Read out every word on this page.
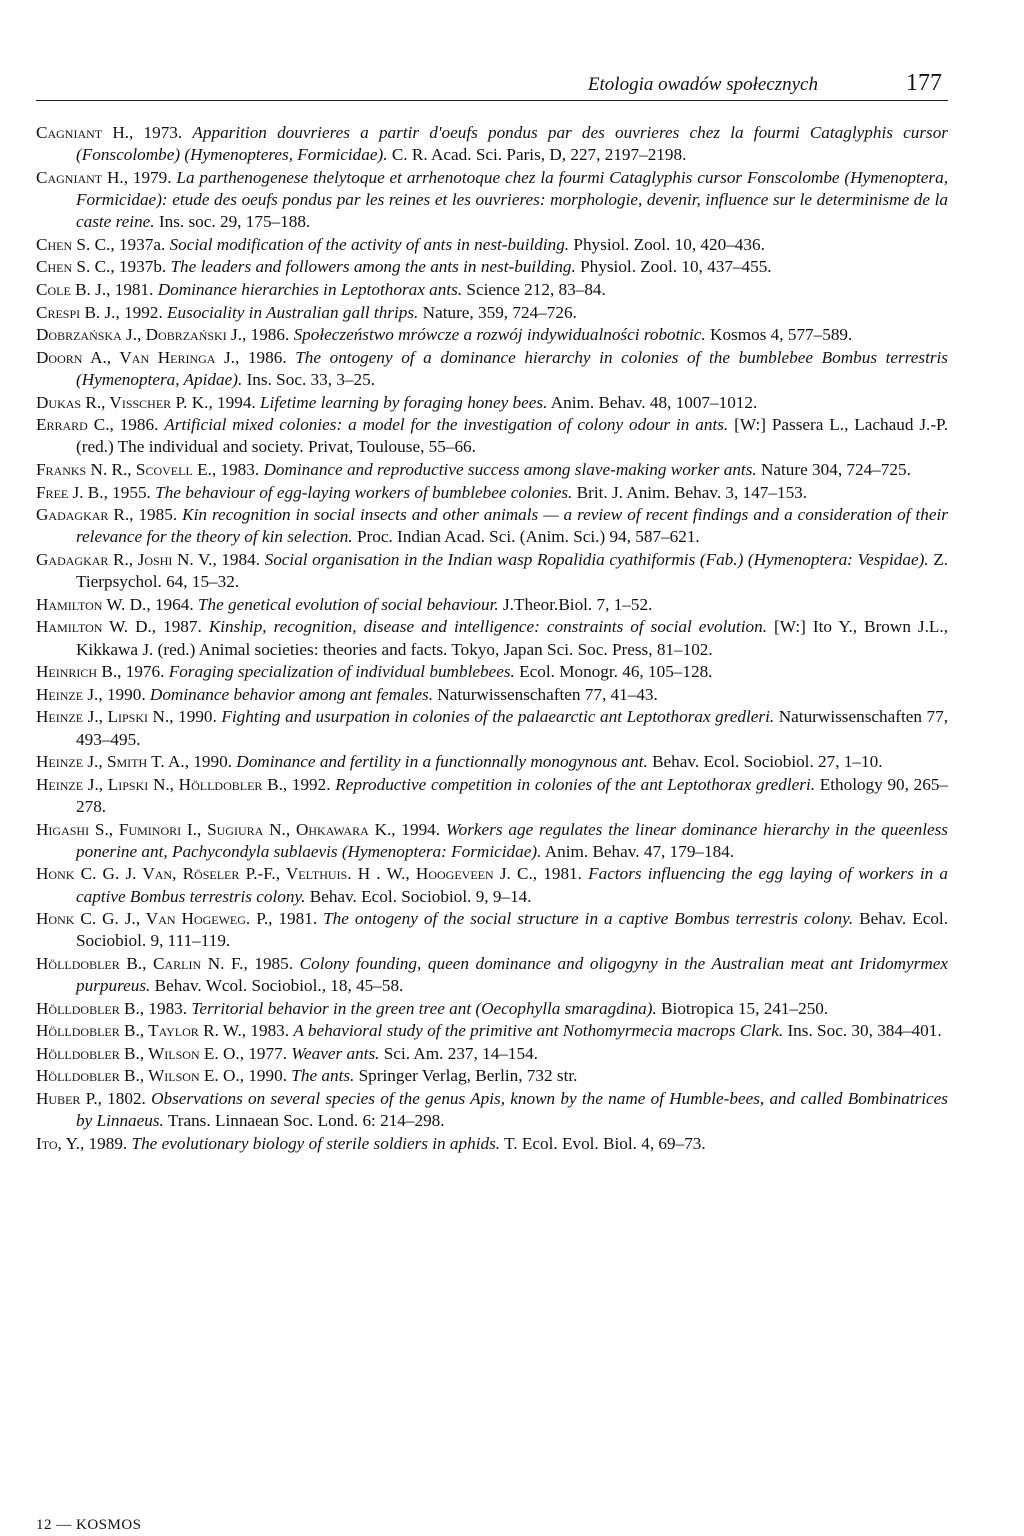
Etologia owadów społecznych	177

Cagniant H., 1973. Apparition douvrieres a partir d'oeufs pondus par des ouvrieres chez la fourmi Cataglyphis cursor (Fonscolombe) (Hymenopteres, Formicidae). C. R. Acad. Sci. Paris, D, 227, 2197–2198.

Cagniant H., 1979. La parthenogenese thelytoque et arrhenotoque chez la fourmi Cataglyphis cursor Fonscolombe (Hymenoptera, Formicidae): etude des oeufs pondus par les reines et les ouvrieres: morphologie, devenir, influence sur le determinisme de la caste reine. Ins. soc. 29, 175–188.

Chen S. C., 1937a. Social modification of the activity of ants in nest-building. Physiol. Zool. 10, 420–436.

Chen S. C., 1937b. The leaders and followers among the ants in nest-building. Physiol. Zool. 10, 437–455.

Cole B. J., 1981. Dominance hierarchies in Leptothorax ants. Science 212, 83–84.

Crespi B. J., 1992. Eusociality in Australian gall thrips. Nature, 359, 724–726.

Dobrzańska J., Dobrzański J., 1986. Społeczeństwo mrówcze a rozwój indywidualności robotnic. Kosmos 4, 577–589.

Doorn A., Van Heringa J., 1986. The ontogeny of a dominance hierarchy in colonies of the bumblebee Bombus terrestris (Hymenoptera, Apidae). Ins. Soc. 33, 3–25.

Dukas R., Visscher P. K., 1994. Lifetime learning by foraging honey bees. Anim. Behav. 48, 1007–1012.

Errard C., 1986. Artificial mixed colonies: a model for the investigation of colony odour in ants. [W:] Passera L., Lachaud J.-P. (red.) The individual and society. Privat, Toulouse, 55–66.

Franks N. R., Scovell E., 1983. Dominance and reproductive success among slave-making worker ants. Nature 304, 724–725.

Free J. B., 1955. The behaviour of egg-laying workers of bumblebee colonies. Brit. J. Anim. Behav. 3, 147–153.

Gadagkar R., 1985. Kin recognition in social insects and other animals — a review of recent findings and a consideration of their relevance for the theory of kin selection. Proc. Indian Acad. Sci. (Anim. Sci.) 94, 587–621.

Gadagkar R., Joshi N. V., 1984. Social organisation in the Indian wasp Ropalidia cyathiformis (Fab.) (Hymenoptera: Vespidae). Z. Tierpsychol. 64, 15–32.

Hamilton W. D., 1964. The genetical evolution of social behaviour. J.Theor.Biol. 7, 1–52.

Hamilton W. D., 1987. Kinship, recognition, disease and intelligence: constraints of social evolution. [W:] Ito Y., Brown J.L., Kikkawa J. (red.) Animal societies: theories and facts. Tokyo, Japan Sci. Soc. Press, 81–102.

Heinrich B., 1976. Foraging specialization of individual bumblebees. Ecol. Monogr. 46, 105–128.

Heinze J., 1990. Dominance behavior among ant females. Naturwissenschaften 77, 41–43.

Heinze J., Lipski N., 1990. Fighting and usurpation in colonies of the palaearctic ant Leptothorax gredleri. Naturwissenschaften 77, 493–495.

Heinze J., Smith T. A., 1990. Dominance and fertility in a functionnally monogynous ant. Behav. Ecol. Sociobiol. 27, 1–10.

Heinze J., Lipski N., Hölldobler B., 1992. Reproductive competition in colonies of the ant Leptothorax gredleri. Ethology 90, 265–278.

Higashi S., Fuminori I., Sugiura N., Ohkawara K., 1994. Workers age regulates the linear dominance hierarchy in the queenless ponerine ant, Pachycondyla sublaevis (Hymenoptera: Formicidae). Anim. Behav. 47, 179–184.

Honk C. G. J. Van, Röseler P.-F., Velthuis. H . W., Hoogeveen J. C., 1981. Factors influencing the egg laying of workers in a captive Bombus terrestris colony. Behav. Ecol. Sociobiol. 9, 9–14.

Honk C. G. J., Van Hogeweg. P., 1981. The ontogeny of the social structure in a captive Bombus terrestris colony. Behav. Ecol. Sociobiol. 9, 111–119.

Hölldobler B., Carlin N. F., 1985. Colony founding, queen dominance and oligogyny in the Australian meat ant Iridomyrmex purpureus. Behav. Wcol. Sociobiol., 18, 45–58.

Hölldobler B., 1983. Territorial behavior in the green tree ant (Oecophylla smaragdina). Biotropica 15, 241–250.

Hölldobler B., Taylor R. W., 1983. A behavioral study of the primitive ant Nothomyrmecia macrops Clark. Ins. Soc. 30, 384–401.

Hölldobler B., Wilson E. O., 1977. Weaver ants. Sci. Am. 237, 14–154.

Hölldobler B., Wilson E. O., 1990. The ants. Springer Verlag, Berlin, 732 str.

Huber P., 1802. Observations on several species of the genus Apis, known by the name of Humble-bees, and called Bombinatrices by Linnaeus. Trans. Linnaean Soc. Lond. 6: 214–298.

Ito, Y., 1989. The evolutionary biology of sterile soldiers in aphids. T. Ecol. Evol. Biol. 4, 69–73.

12 — KOSMOS
